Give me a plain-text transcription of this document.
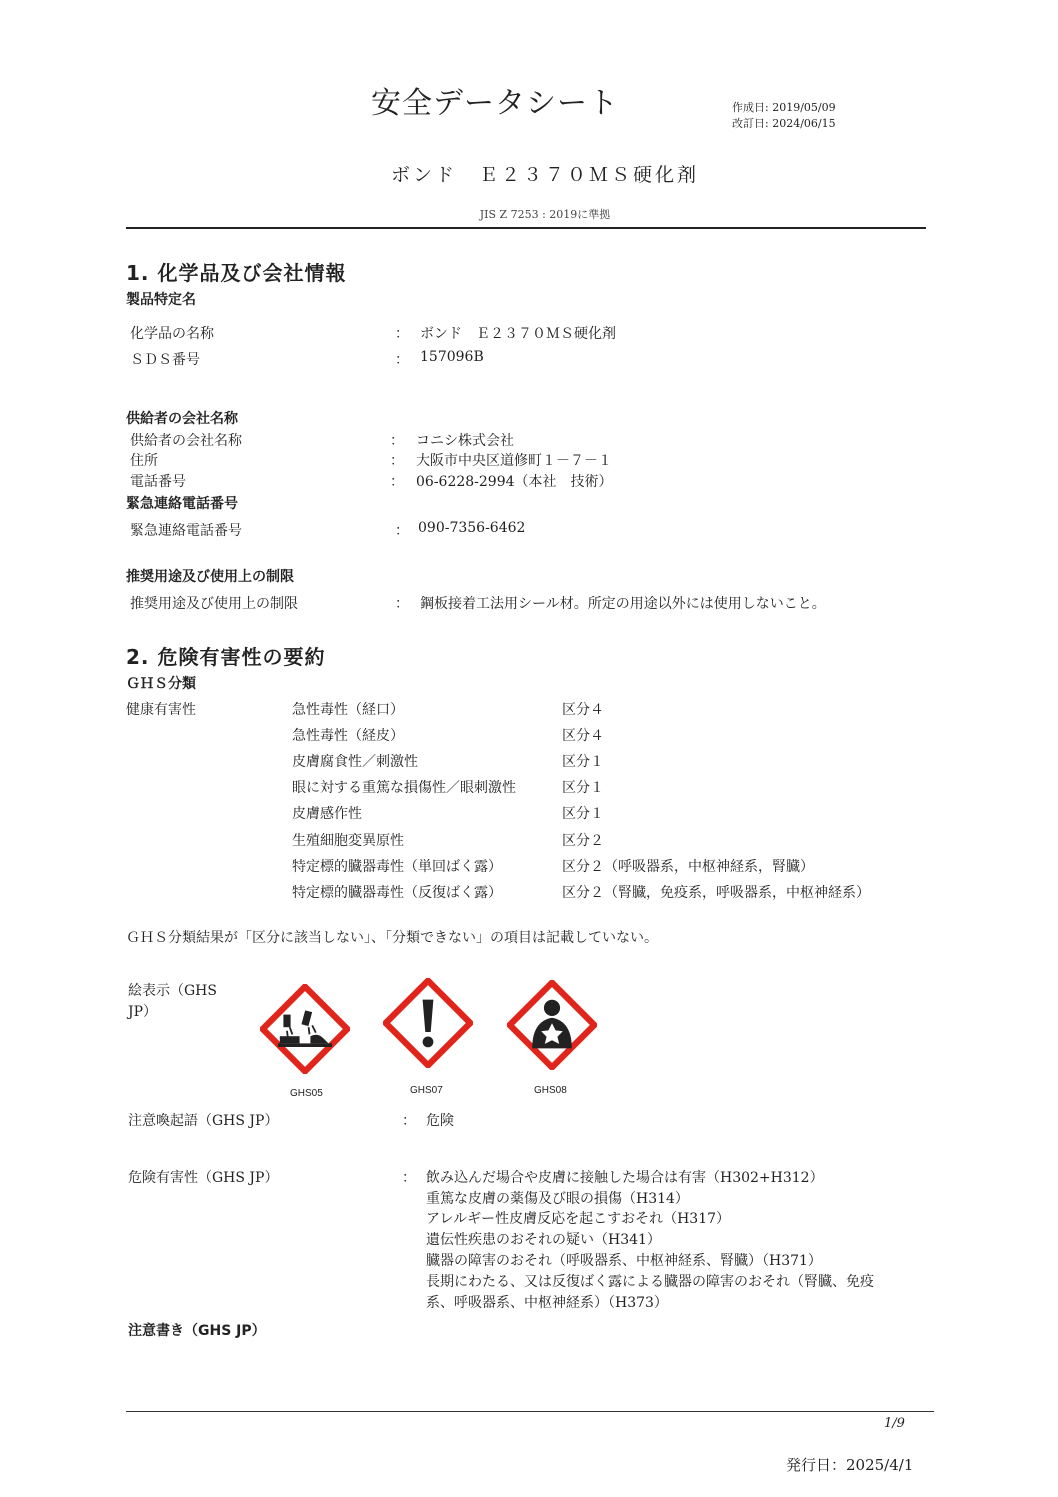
安全データシート	作成日: 2019/05/09
改訂日: 2024/06/15
ボンド　Ｅ２３７０ＭＳ硬化剤
JIS Z 7253 : 2019に準拠
1. 化学品及び会社情報
製品特定名
化学品の名称	： ボンド　Ｅ２３７０ＭＳ硬化剤
ＳＤＳ番号	： 157096B
供給者の会社名称
供給者の会社名称	： コニシ株式会社
住所	： 大阪市中央区道修町１－７－１
電話番号	： 06-6228-2994（本社　技術）
緊急連絡電話番号
緊急連絡電話番号	： 090-7356-6462
推奨用途及び使用上の制限
推奨用途及び使用上の制限	： 鋼板接着工法用シール材。所定の用途以外には使用しないこと。
2. 危険有害性の要約
ＧＨＳ分類
健康有害性	急性毒性（経口）	区分４
急性毒性（経皮）	区分４
皮膚腐食性／刺激性	区分１
眼に対する重篤な損傷性／眼刺激性	区分１
皮膚感作性	区分１
生殖細胞変異原性	区分２
特定標的臓器毒性（単回ばく露）	区分２（呼吸器系，中枢神経系，腎臓）
特定標的臓器毒性（反復ばく露）	区分２（腎臓，免疫系，呼吸器系，中枢神経系）
ＧＨＳ分類結果が「区分に該当しない」、「分類できない」の項目は記載していない。
絵表示（GHS
JP）
GHS05	GHS07	GHS08
注意喚起語（GHS JP）	： 危険
危険有害性（GHS JP）	： 飲み込んだ場合や皮膚に接触した場合は有害（H302+H312）
重篤な皮膚の薬傷及び眼の損傷（H314）
アレルギー性皮膚反応を起こすおそれ（H317）
遺伝性疾患のおそれの疑い（H341）
臓器の障害のおそれ（呼吸器系、中枢神経系、腎臓）（H371）
長期にわたる、又は反復ばく露による臓器の障害のおそれ（腎臓、免疫
系、呼吸器系、中枢神経系）（H373）
注意書き（GHS JP）
1/9
発行日：2025/4/1
